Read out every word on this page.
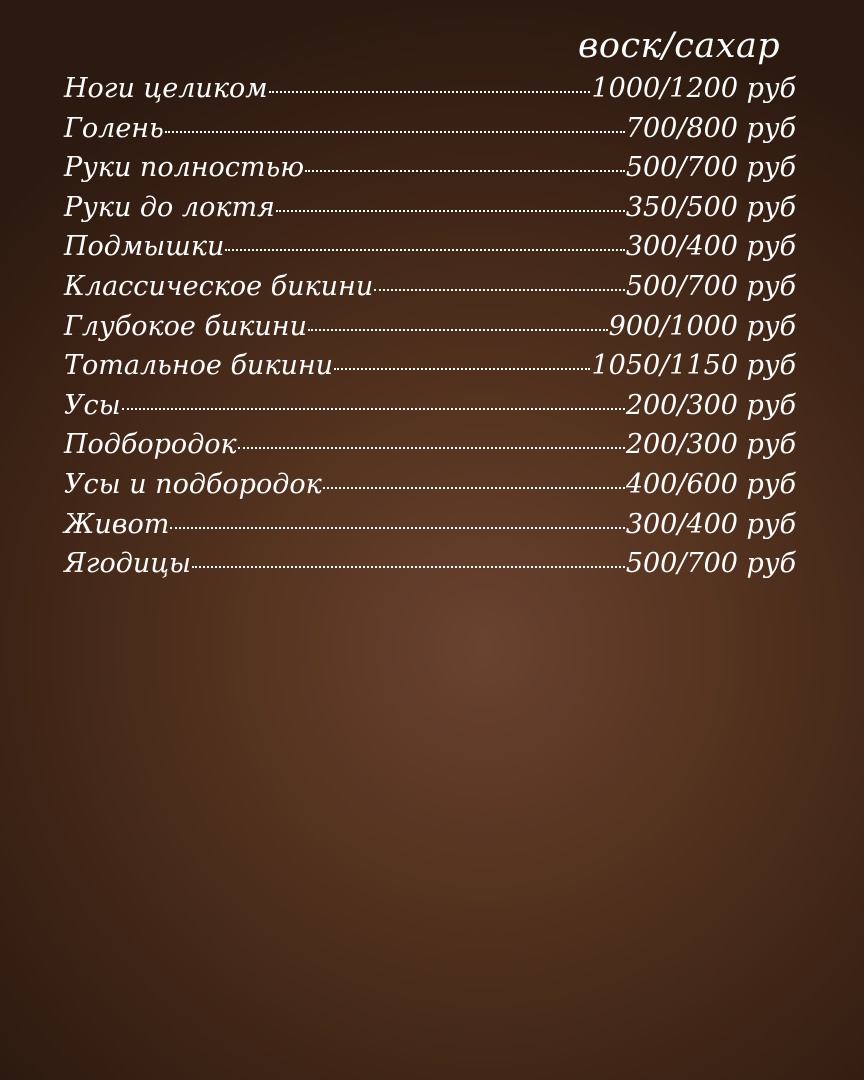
воск/сахар
Ноги целиком	1000/1200 руб
Голень	700/800 руб
Руки полностью	500/700 руб
Руки до локтя	350/500 руб
Подмышки	300/400 руб
Классическое бикини	500/700 руб
Глубокое бикини	900/1000 руб
Тотальное бикини	1050/1150 руб
Усы	200/300 руб
Подбородок	200/300 руб
Усы и подбородок	400/600 руб
Живот	300/400 руб
Ягодицы	500/700 руб
